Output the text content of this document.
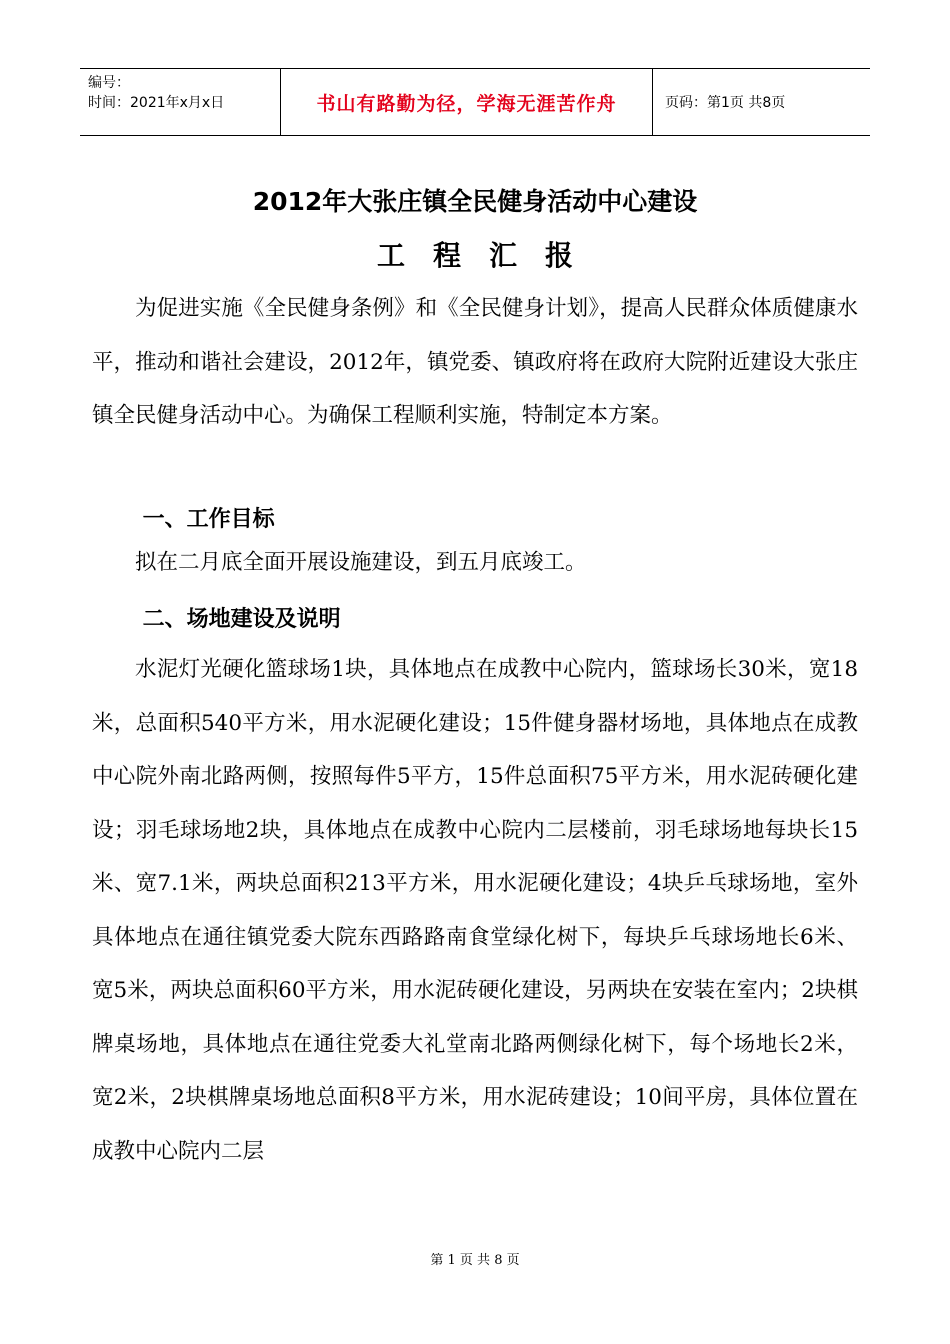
编号：
时间：2021年x月x日	书山有路勤为径，学海无涯苦作舟	页码：第1页 共8页
2012年大张庄镇全民健身活动中心建设
工程汇报

为促进实施《全民健身条例》和《全民健身计划》，提高人民群众体质健康水平，推动和谐社会建设，2012年，镇党委、镇政府将在政府大院附近建设大张庄镇全民健身活动中心。为确保工程顺利实施，特制定本方案。

一、工作目标

拟在二月底全面开展设施建设，到五月底竣工。

二、场地建设及说明

水泥灯光硬化篮球场1块，具体地点在成教中心院内，篮球场长30米，宽18米，总面积540平方米，用水泥硬化建设；15件健身器材场地，具体地点在成教中心院外南北路两侧，按照每件5平方，15件总面积75平方米，用水泥砖硬化建设；羽毛球场地2块，具体地点在成教中心院内二层楼前，羽毛球场地每块长15米、宽7.1米，两块总面积213平方米，用水泥硬化建设；4块乒乓球场地，室外具体地点在通往镇党委大院东西路路南食堂绿化树下，每块乒乓球场地长6米、宽5米，两块总面积60平方米，用水泥砖硬化建设，另两块在安装在室内；2块棋牌桌场地，具体地点在通往党委大礼堂南北路两侧绿化树下，每个场地长2米，宽2米，2块棋牌桌场地总面积8平方米，用水泥砖建设；10间平房，具体位置在成教中心院内二层

第 1 页 共 8 页
